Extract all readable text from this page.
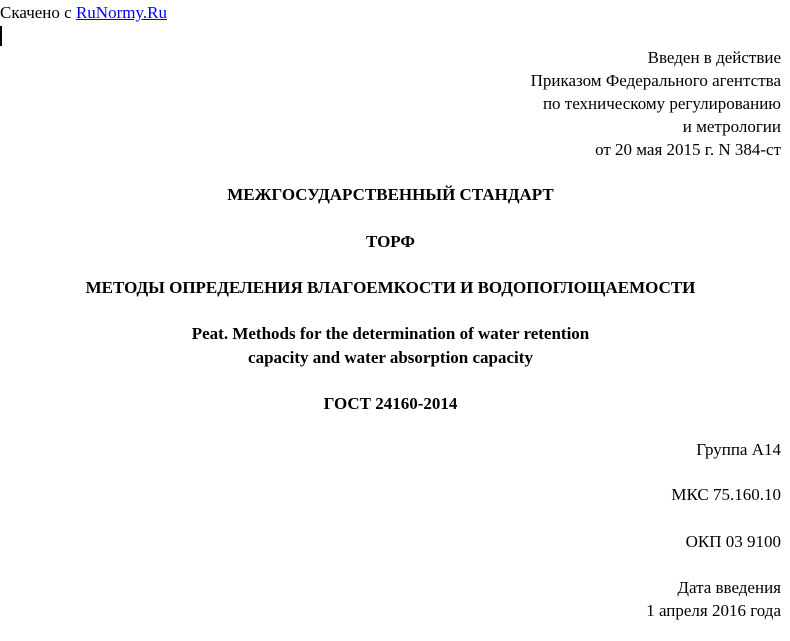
Скачено с RuNormy.Ru
Введен в действие
Приказом Федерального агентства
по техническому регулированию
и метрологии
от 20 мая 2015 г. N 384-ст
МЕЖГОСУДАРСТВЕННЫЙ СТАНДАРТ
ТОРФ
МЕТОДЫ ОПРЕДЕЛЕНИЯ ВЛАГОЕМКОСТИ И ВОДОПОГЛОЩАЕМОСТИ
Peat. Methods for the determination of water retention
capacity and water absorption capacity
ГОСТ 24160-2014
Группа А14
МКС 75.160.10
ОКП 03 9100
Дата введения
1 апреля 2016 года
